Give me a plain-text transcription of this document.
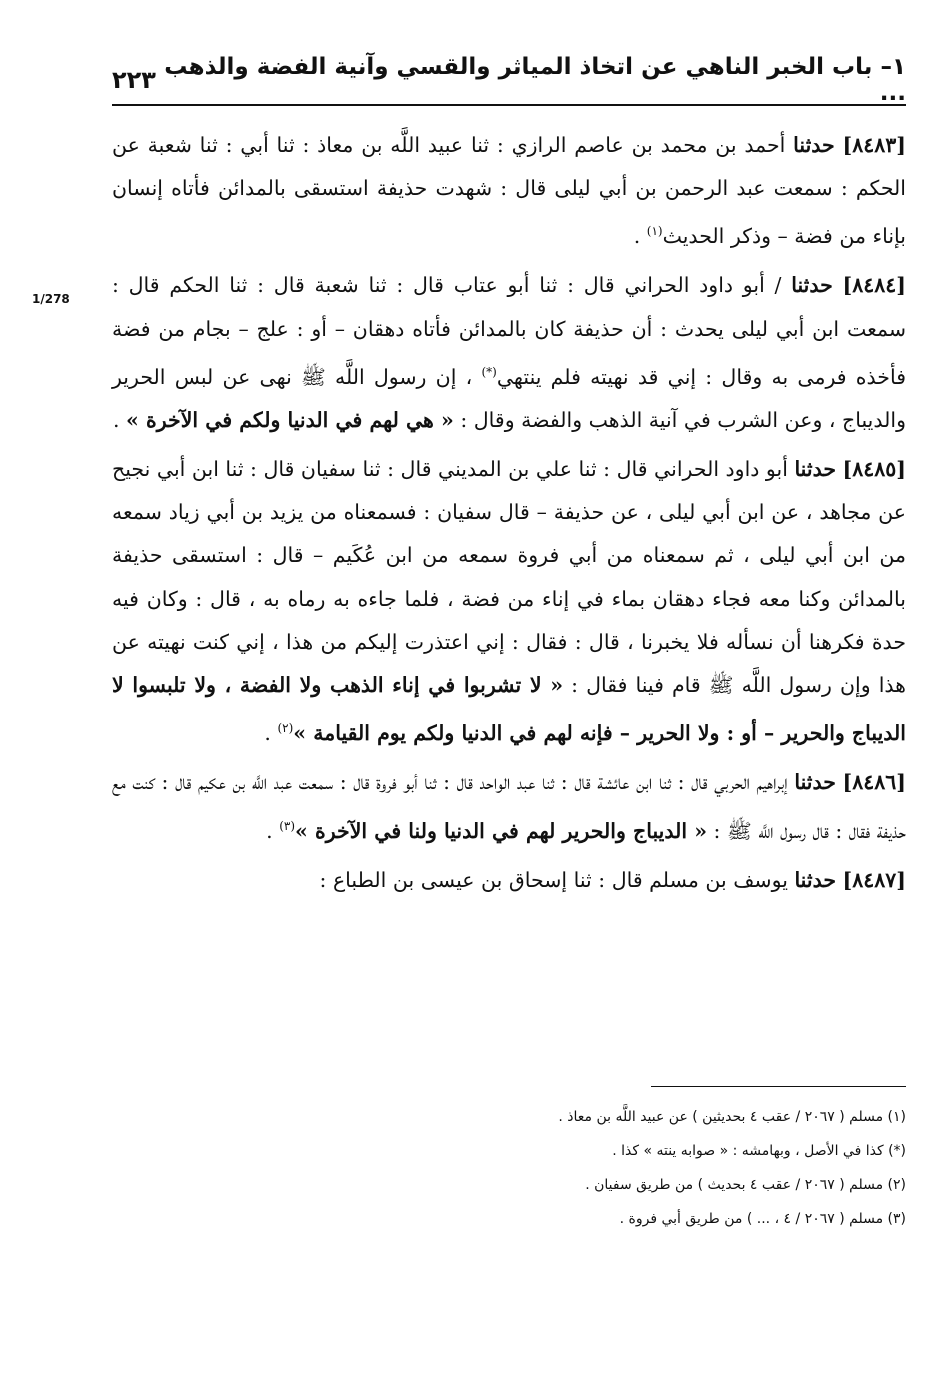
١– باب الخبر الناهي عن اتخاذ المياثر والقسي وآنية الفضة والذهب ...
٢٢٣

[٨٤٨٣] حدثنا أحمد بن محمد بن عاصم الرازي : ثنا عبيد اللَّه بن معاذ : ثنا أبي : ثنا شعبة عن الحكم : سمعت عبد الرحمن بن أبي ليلى قال : شهدت حذيفة استسقى بالمدائن فأتاه إنسان بإناء من فضة – وذكر الحديث$^{(١)}$ .

1/278
[٨٤٨٤] حدثنا / أبو داود الحراني قال : ثنا أبو عتاب قال : ثنا شعبة قال : ثنا الحكم قال : سمعت ابن أبي ليلى يحدث : أن حذيفة كان بالمدائن فأتاه دهقان – أو : علج – بجام من فضة فأخذه فرمى به وقال : إني قد نهيته فلم ينتهي(*) ، إن رسول اللَّه ﷺ نهى عن لبس الحرير والديباج ، وعن الشرب في آنية الذهب والفضة وقال : « هي لهم في الدنيا ولكم في الآخرة » .

[٨٤٨٥] حدثنا أبو داود الحراني قال : ثنا علي بن المديني قال : ثنا سفيان قال : ثنا ابن أبي نجيح عن مجاهد ، عن ابن أبي ليلى ، عن حذيفة – قال سفيان : فسمعناه من يزيد بن أبي زياد سمعه من ابن أبي ليلى ، ثم سمعناه من أبي فروة سمعه من ابن عُكَيم – قال : استسقى حذيفة بالمدائن وكنا معه فجاء دهقان بماء في إناء من فضة ، فلما جاءه به رماه به ، قال : وكان فيه حدة فكرهنا أن نسأله فلا يخبرنا ، قال : فقال : إني اعتذرت إليكم من هذا ، إني كنت نهيته عن هذا وإن رسول اللَّه ﷺ قام فينا فقال : « لا تشربوا في إناء الذهب ولا الفضة ، ولا تلبسوا لا الديباج والحرير – أو : ولا الحرير – فإنه لهم في الدنيا ولكم يوم القيامة »$^{(٢)}$ .

[٨٤٨٦] حدثنا إبراهيم الحربي قال : ثنا ابن عائشة قال : ثنا عبد الواحد قال : ثنا أبو فروة قال : سمعت عبد اللَّه بن عكيم قال : كنت مع حذيفة فقال : قال رسول اللَّه ﷺ : « الديباج والحرير لهم في الدنيا ولنا في الآخرة »$^{(٣)}$ .

[٨٤٨٧] حدثنا يوسف بن مسلم قال : ثنا إسحاق بن عيسى بن الطباع :

(١) مسلم ( ٢٠٦٧ / عقب ٤ بحديثين ) عن عبيد اللَّه بن معاذ .

(*) كذا في الأصل ، وبهامشه : « صوابه ينته » كذا .

(٢) مسلم ( ٢٠٦٧ / عقب ٤ بحديث ) من طريق سفيان .

(٣) مسلم ( ٢٠٦٧ / ٤ ، ... ) من طريق أبي فروة .
